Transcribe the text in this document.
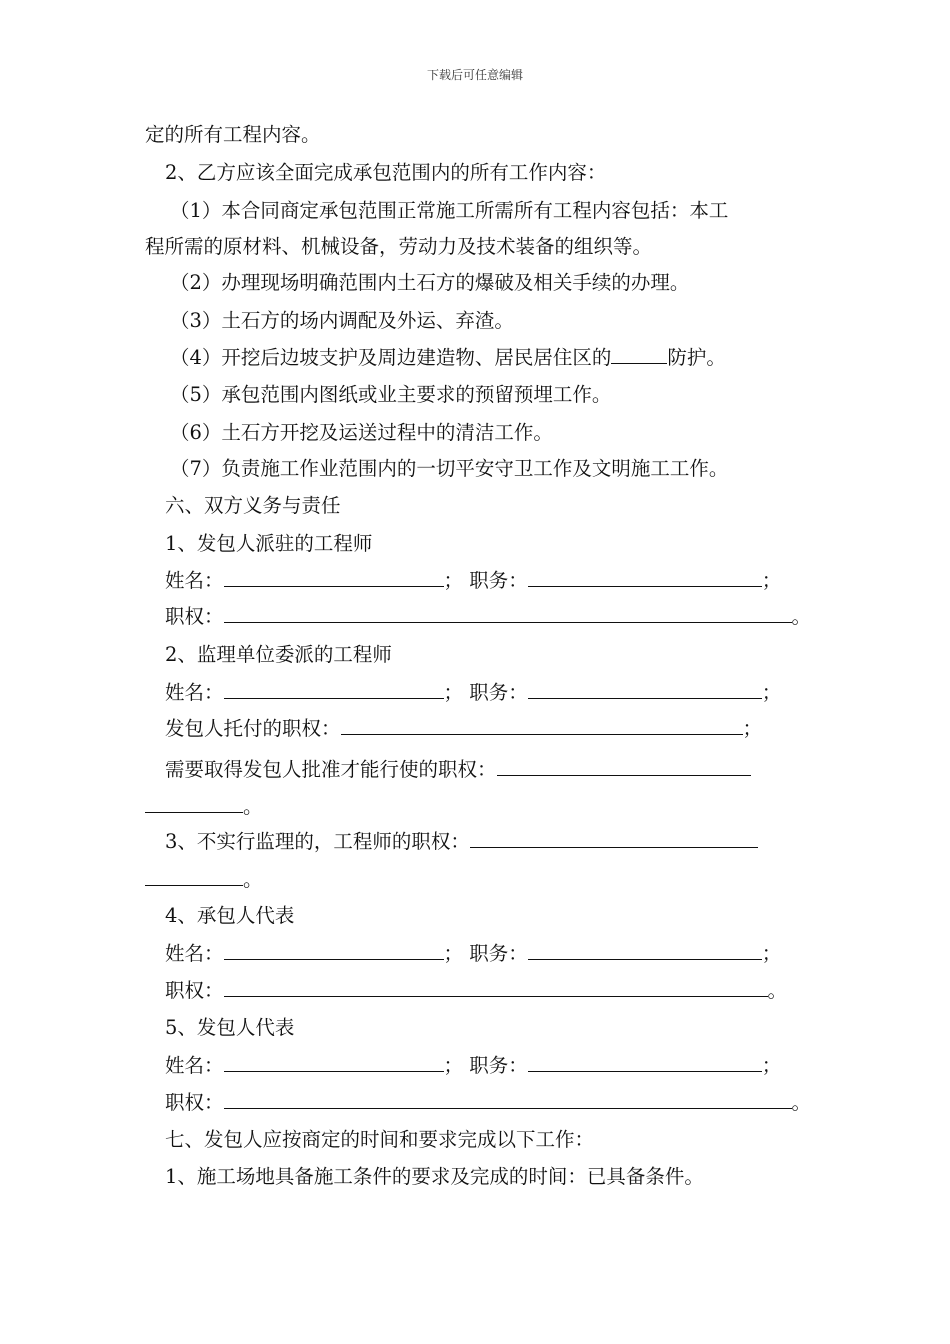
下载后可任意编辑
定的所有工程内容。
2、乙方应该全面完成承包范围内的所有工作内容：
（1）本合同商定承包范围正常施工所需所有工程内容包括：本工
程所需的原材料、机械设备，劳动力及技术装备的组织等。
（2）办理现场明确范围内土石方的爆破及相关手续的办理。
（3）土石方的场内调配及外运、弃渣。
（4）开挖后边坡支护及周边建造物、居民居住区的	防护。
（5）承包范围内图纸或业主要求的预留预埋工作。
（6）土石方开挖及运送过程中的清洁工作。
（7）负责施工作业范围内的一切平安守卫工作及文明施工工作。
六、双方义务与责任
1、发包人派驻的工程师
姓名：	； 职务：	；
职权：	。
2、监理单位委派的工程师
姓名：	； 职务：	；
发包人托付的职权：	；
需要取得发包人批准才能行使的职权：
。
3、不实行监理的，工程师的职权：
。
4、承包人代表
姓名：	； 职务：	；
职权：	。
5、发包人代表
姓名：	； 职务：	；
职权：	。
七、发包人应按商定的时间和要求完成以下工作：
1、施工场地具备施工条件的要求及完成的时间：已具备条件。
